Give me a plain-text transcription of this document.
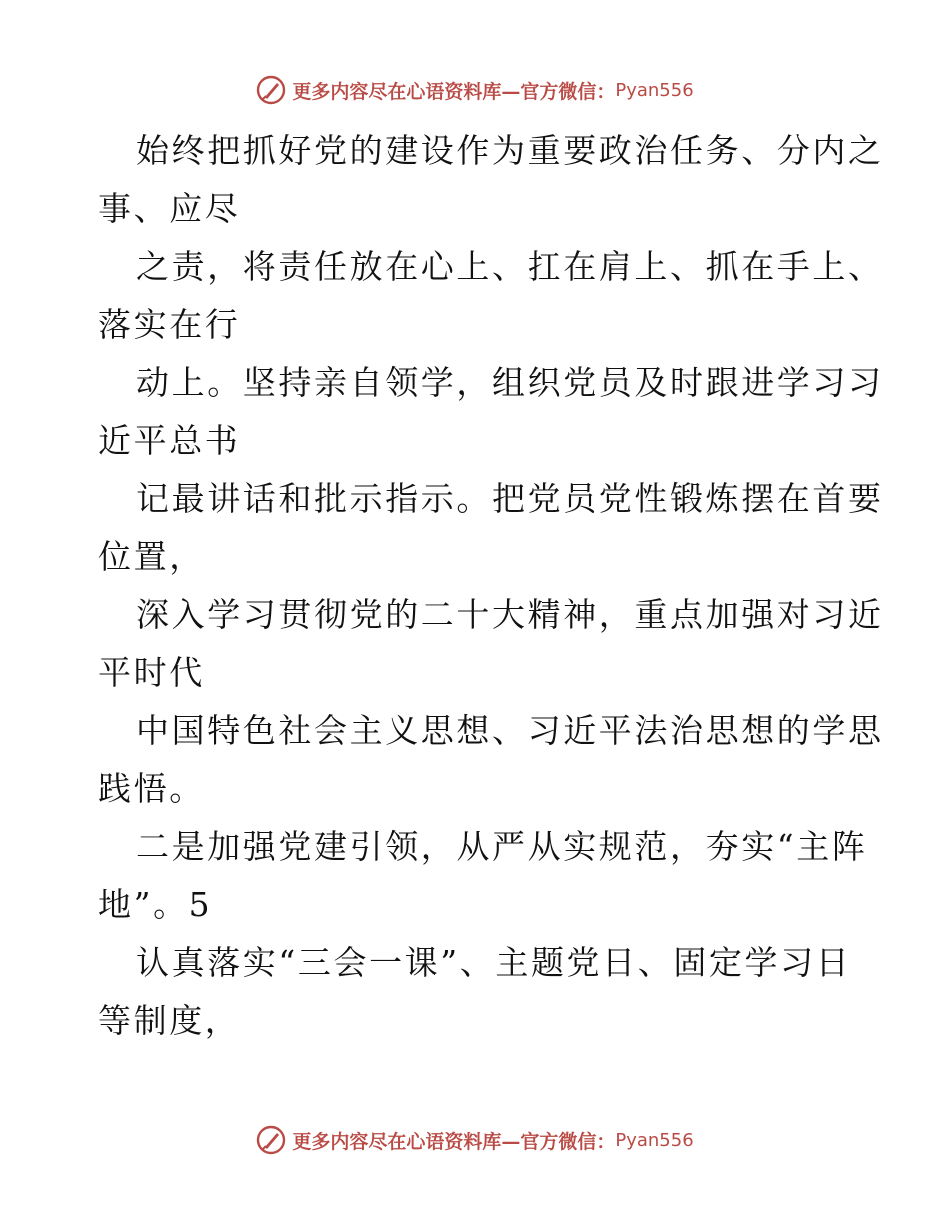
更多内容尽在心语资料库—官方微信： Pyan556
始终把抓好党的建设作为重要政治任务、分内之
事、应尽
之责，将责任放在心上、扛在肩上、抓在手上、
落实在行
动上。坚持亲自领学，组织党员及时跟进学习习
近平总书
记最讲话和批示指示。把党员党性锻炼摆在首要
位置，
深入学习贯彻党的二十大精神，重点加强对习近
平时代
中国特色社会主义思想、习近平法治思想的学思
践悟。
二是加强党建引领，从严从实规范，夯实“主阵
地”。5
认真落实“三会一课”、主题党日、固定学习日
等制度，
更多内容尽在心语资料库—官方微信： Pyan556
